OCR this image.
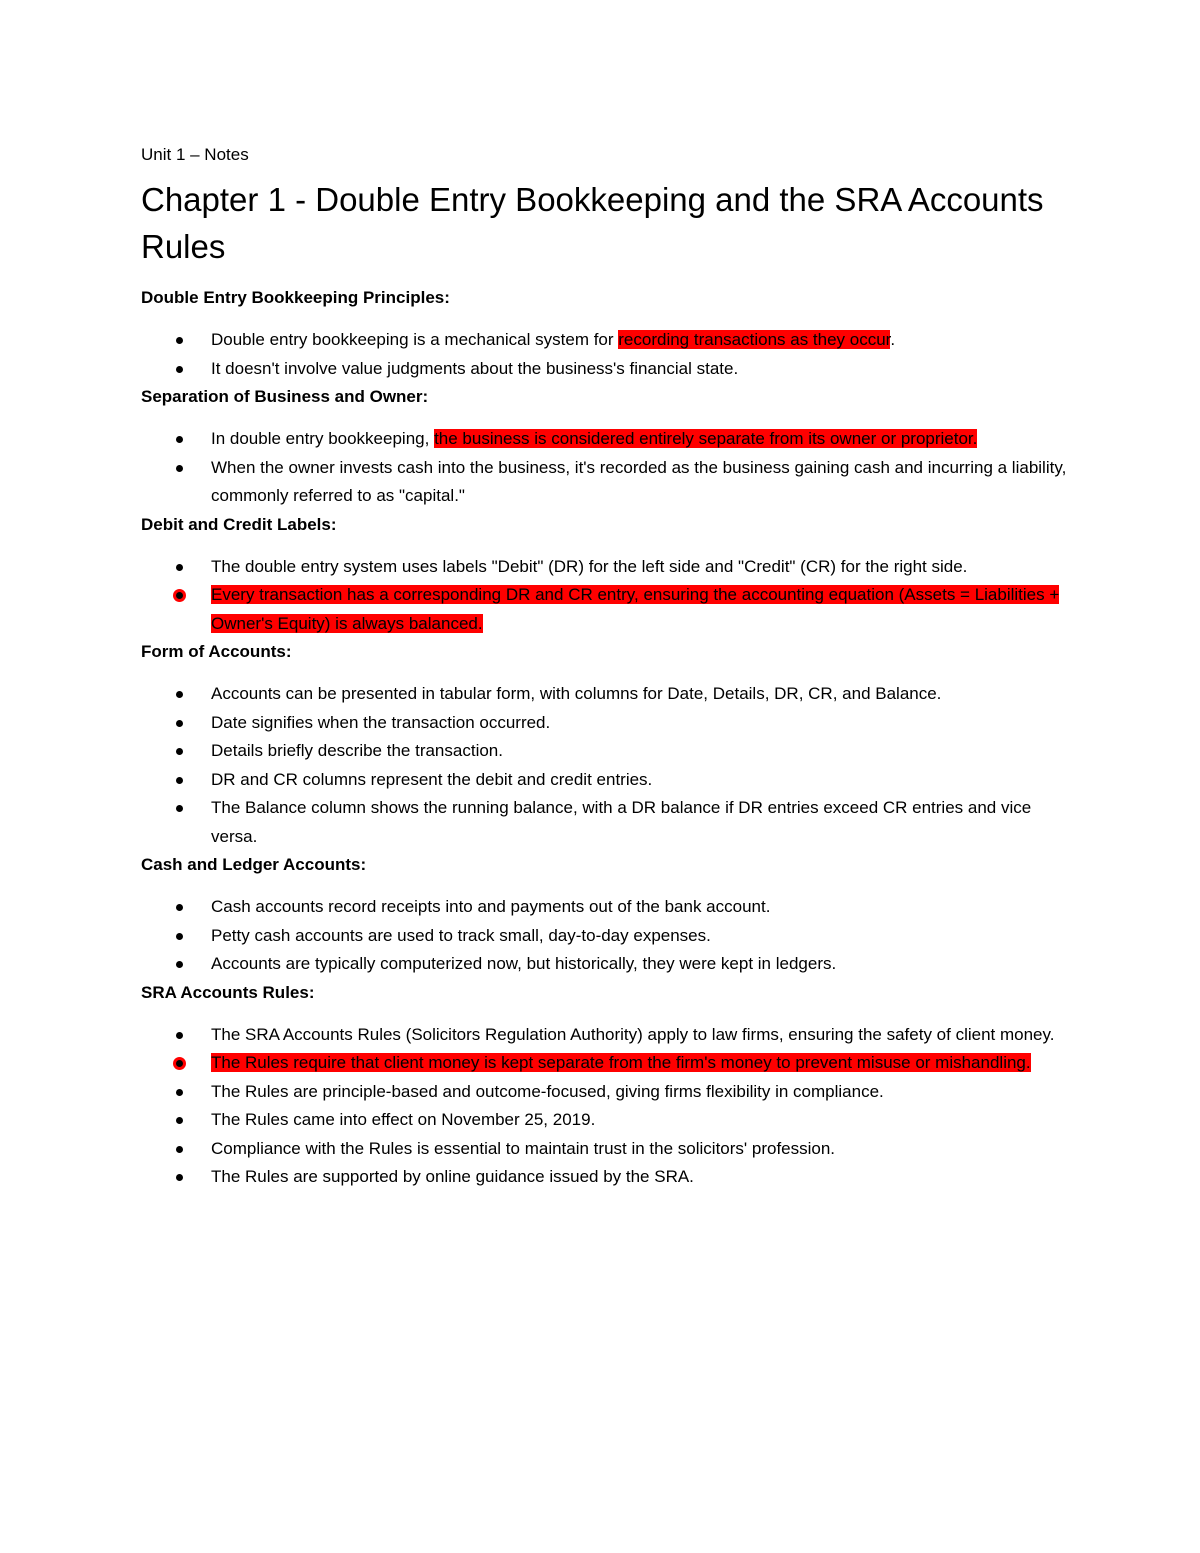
Unit 1 – Notes
Chapter 1 - Double Entry Bookkeeping and the SRA Accounts Rules
Double Entry Bookkeeping Principles:
Double entry bookkeeping is a mechanical system for recording transactions as they occur.
It doesn't involve value judgments about the business's financial state.
Separation of Business and Owner:
In double entry bookkeeping, the business is considered entirely separate from its owner or proprietor.
When the owner invests cash into the business, it's recorded as the business gaining cash and incurring a liability, commonly referred to as "capital."
Debit and Credit Labels:
The double entry system uses labels "Debit" (DR) for the left side and "Credit" (CR) for the right side.
Every transaction has a corresponding DR and CR entry, ensuring the accounting equation (Assets = Liabilities + Owner's Equity) is always balanced.
Form of Accounts:
Accounts can be presented in tabular form, with columns for Date, Details, DR, CR, and Balance.
Date signifies when the transaction occurred.
Details briefly describe the transaction.
DR and CR columns represent the debit and credit entries.
The Balance column shows the running balance, with a DR balance if DR entries exceed CR entries and vice versa.
Cash and Ledger Accounts:
Cash accounts record receipts into and payments out of the bank account.
Petty cash accounts are used to track small, day-to-day expenses.
Accounts are typically computerized now, but historically, they were kept in ledgers.
SRA Accounts Rules:
The SRA Accounts Rules (Solicitors Regulation Authority) apply to law firms, ensuring the safety of client money.
The Rules require that client money is kept separate from the firm's money to prevent misuse or mishandling.
The Rules are principle-based and outcome-focused, giving firms flexibility in compliance.
The Rules came into effect on November 25, 2019.
Compliance with the Rules is essential to maintain trust in the solicitors' profession.
The Rules are supported by online guidance issued by the SRA.
